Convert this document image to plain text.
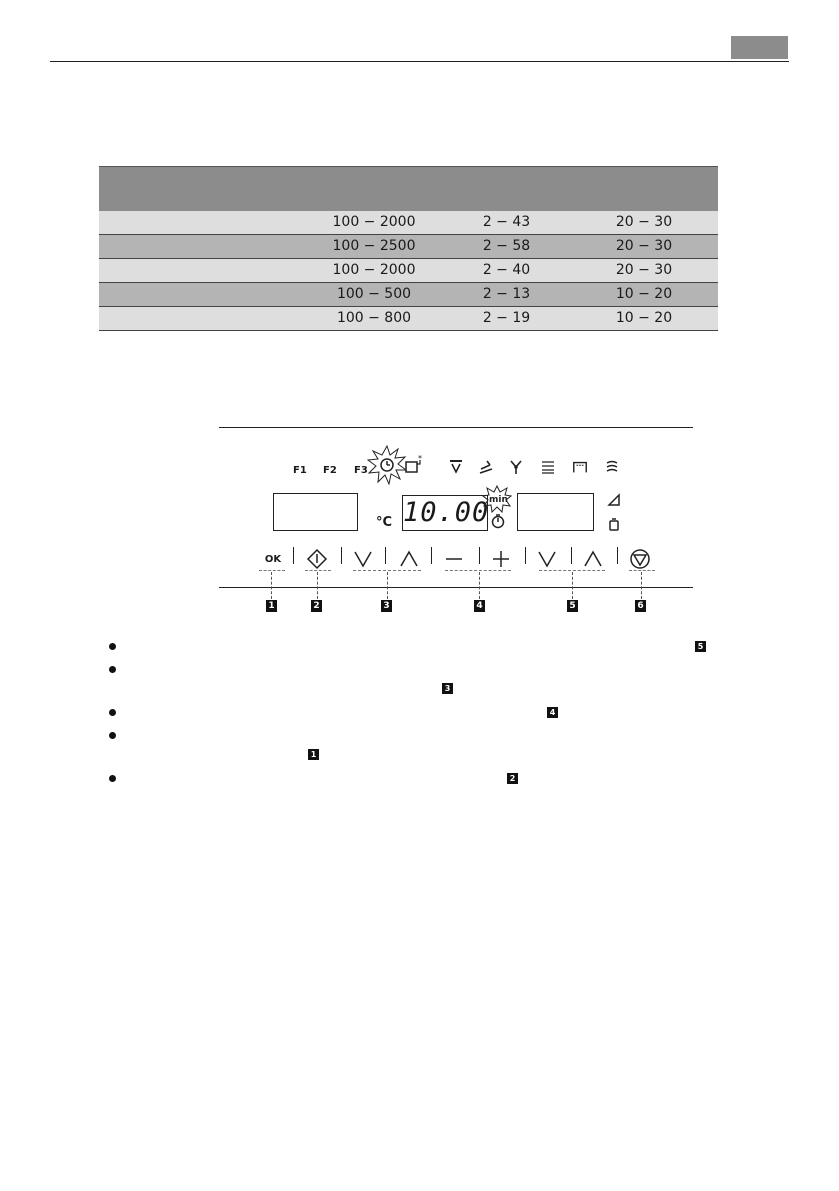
100 − 2000	2 − 43	20 − 30
100 − 2500	2 − 58	20 − 30
100 − 2000	2 − 40	20 − 30
100 − 500	2 − 13	10 − 20
100 − 800	2 − 19	10 − 20
F1 F2 F3
*
°C 10.00 min
OK
1	2	3	4	5	6
5
3
4
1
2
